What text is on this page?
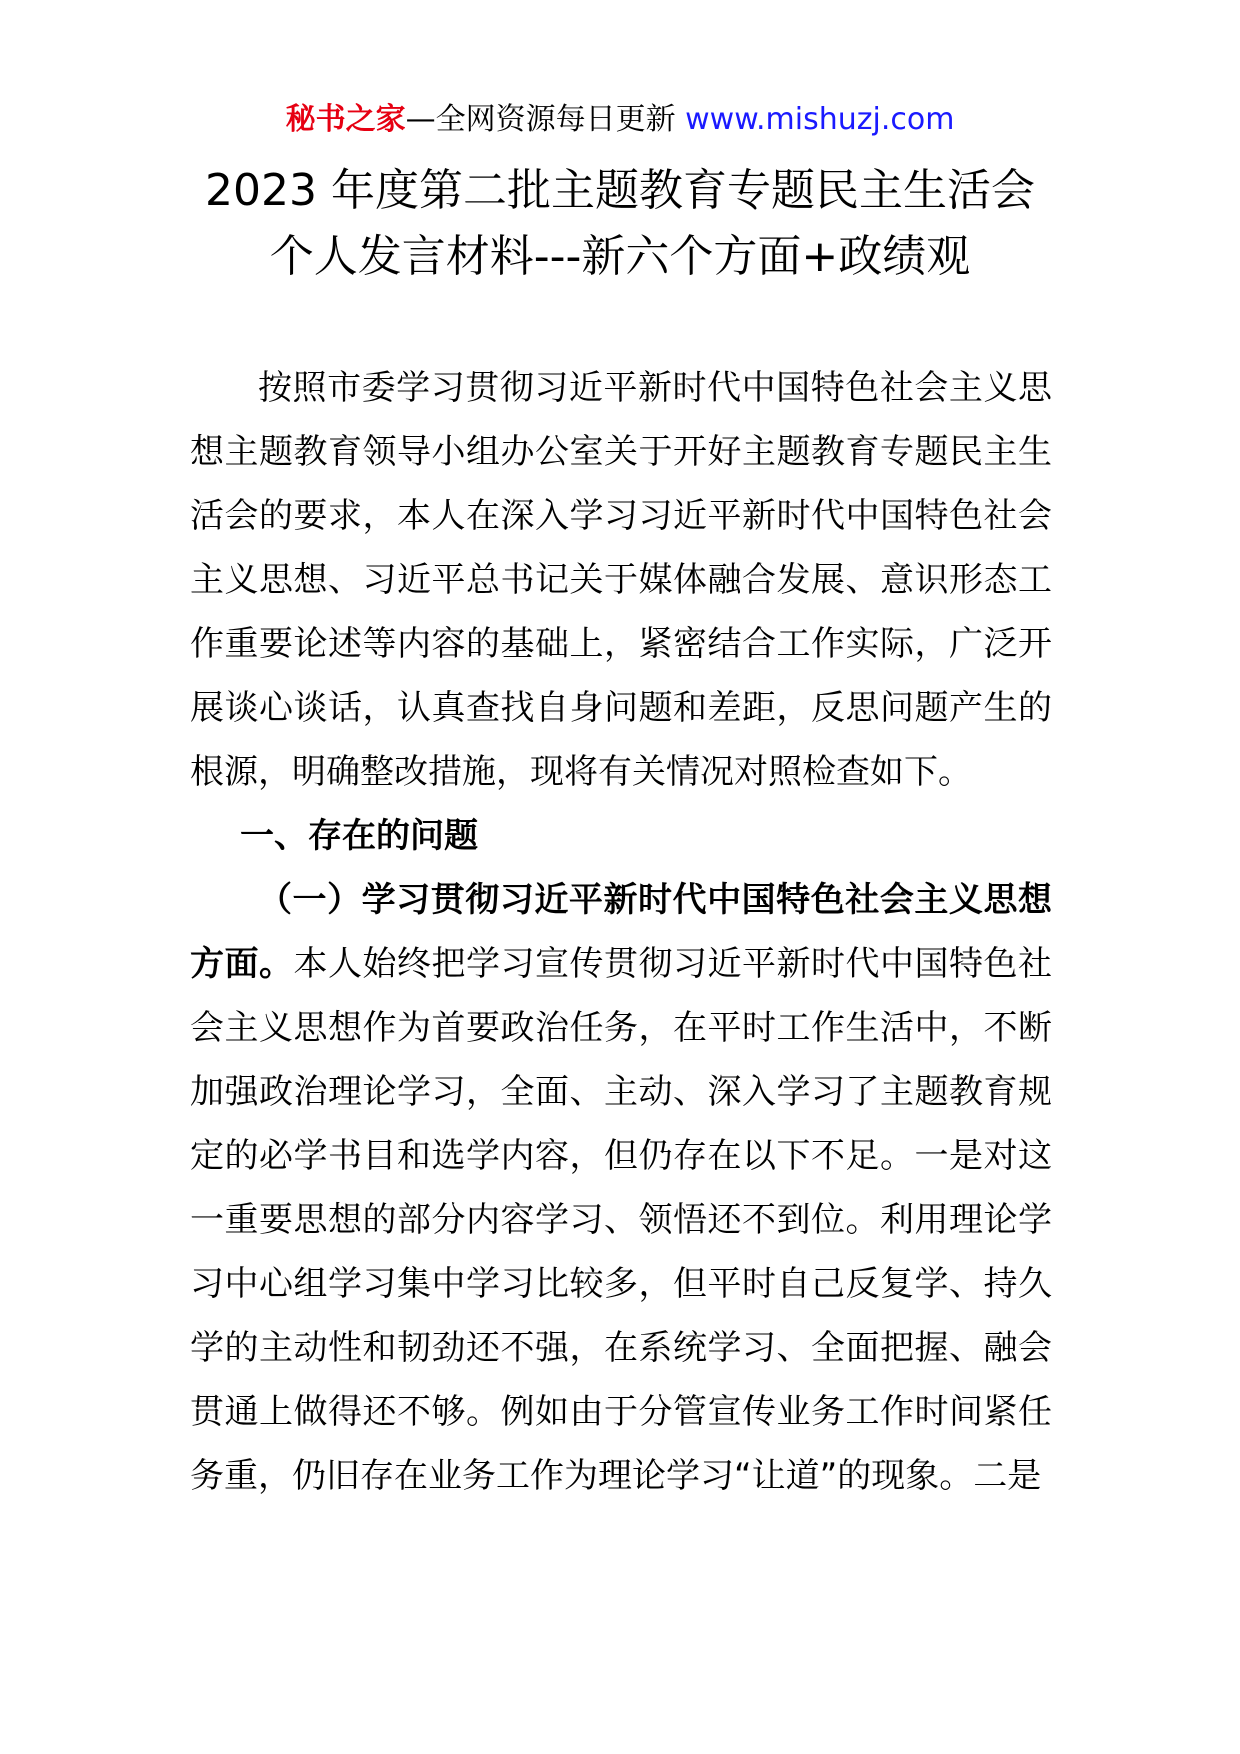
秘书之家—全网资源每日更新 www.mishuzj.com
2023 年度第二批主题教育专题民主生活会
个人发言材料---新六个方面+政绩观

按照市委学习贯彻习近平新时代中国特色社会主义思想主题教育领导小组办公室关于开好主题教育专题民主生活会的要求，本人在深入学习习近平新时代中国特色社会主义思想、习近平总书记关于媒体融合发展、意识形态工作重要论述等内容的基础上，紧密结合工作实际，广泛开展谈心谈话，认真查找自身问题和差距，反思问题产生的根源，明确整改措施，现将有关情况对照检查如下。

一、存在的问题

（一）学习贯彻习近平新时代中国特色社会主义思想方面。本人始终把学习宣传贯彻习近平新时代中国特色社会主义思想作为首要政治任务，在平时工作生活中，不断加强政治理论学习，全面、主动、深入学习了主题教育规定的必学书目和选学内容，但仍存在以下不足。一是对这一重要思想的部分内容学习、领悟还不到位。利用理论学习中心组学习集中学习比较多，但平时自己反复学、持久学的主动性和韧劲还不强，在系统学习、全面把握、融会贯通上做得还不够。例如由于分管宣传业务工作时间紧任务重，仍旧存在业务工作为理论学习“让道”的现象。二是
